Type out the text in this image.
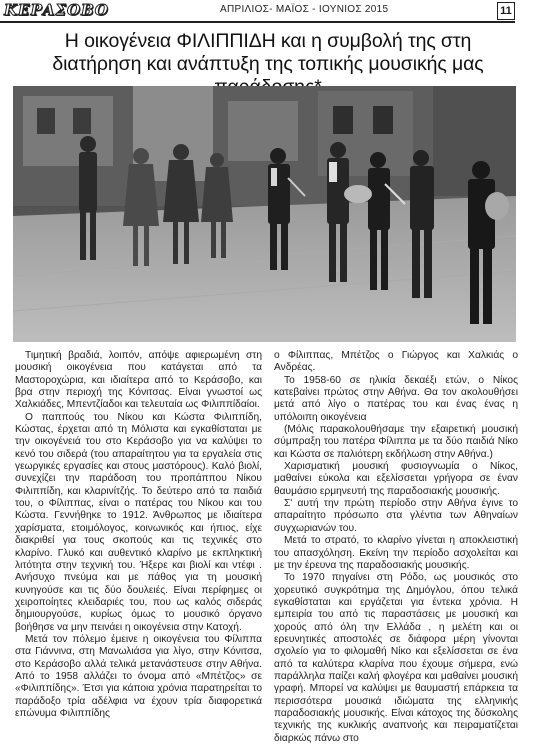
ΚΕΡΑΣΟΒΟ	ΑΠΡΙΛΙΟΣ- ΜΑΪΟΣ - ΙΟΥΝΙΟΣ 2015	11
Η οικογένεια ΦΙΛΙΠΠΙΔΗ και η συμβολή της στη διατήρηση και ανάπτυξη της τοπικής μουσικής μας

Τιμητική βραδιά, λοιπόν, απόψε αφιερωμένη στη μουσική οικογένεια που κατάγεται από τα Μαστοροχώρια, και ιδιαίτερα από το Κεράσοβο, και βρα στην περιοχή της Κόνιτσας. Είναι γνωστοί ως Χαλκιάδες, Μπεντζίαδοι και τελευταία ως Φιλιππίδαίοι.

Ο παππούς του Νίκου και Κώστα Φιλιππίδη, Κώστας, έρχεται από τη Μόλιστα και εγκαθίσταται με την οικογένειά του στο Κεράσοβο για να καλύψει το κενό του σιδερά (του απαραίτητου για τα εργαλεία στις γεωργικές εργασίες και στους μαστόρους). Καλό βιολί, συνεχίζει την παράδοση του προπάππου Νίκου Φιλιππίδη, και κλαρινίτζής. Το δεύτερο από τα παιδιά του, ο Φίλιππας, είναι ο πατέρας του Νίκου και του Κώστα. Γεννήθηκε το 1912. Άνθρωπος με ιδιαίτερα χαρίσματα, ετοιμόλογος, κοινωνικός και ήπιος, είχε διακριθεί για τους σκοπούς και τις τεχνικές στο κλαρίνο. Γλυκό και αυθεντικό κλαρίνο με εκπληκτική λιτότητα στην τεχνική του. Ήξερε και βιολί και ντέφι . Ανήσυχο πνεύμα και με πάθος για τη μουσική κυνηγούσε και τις δύο δουλειές. Είναι περίφημες οι χειροποίητες κλειδαριές του, που ως καλός σιδεράς δημιουργούσε, κυρίως όμως το μουσικό όργανο βοήθησε να μην πεινάει η οικογένεια στην Κατοχή.

Μετά τον πόλεμο έμεινε η οικογένεια του Φίλιππα στα Γιάννινα, στη Μανωλιάσα για λίγο, στην Κόνιτσα, στο Κεράσοβο αλλά τελικά μετανάστευσε στην Αθήνα. Από το 1958 αλλάζει το όνομα από «Μπέτζος» σε «Φιλιππίδης». Έτσι για κάποια χρόνια παρατηρείται το παράδοξο τρία αδέλφια να έχουν τρία διαφορετικά επώνυμα Φιλιππίδης

ο Φίλιππας, Μπέτζος ο Γιώργος και Χαλκιάς ο Ανδρέας.

Το 1958-60 σε ηλικία δεκαέξι ετών, ο Νίκος κατεβαίνει πρώτος στην Αθήνα. Θα τον ακολουθήσει μετά από λίγο ο πατέρας του και ένας ένας η υπόλοιπη οικογένεια

(Μόλις παρακολουθήσαμε την εξαιρετική μουσική σύμπραξη του πατέρα Φίλιππα με τα δύο παιδιά Νίκο και Κώστα σε παλιότερη εκδήλωση στην Αθήνα.)

Χαρισματική μουσική φυσιογνωμία ο Νίκος, μαθαίνει εύκολα και εξελίσσεται γρήγορα σε έναν θαυμάσιο ερμηνευτή της παραδοσιακής μουσικής.

Σ' αυτή την πρώτη περίοδο στην Αθήνα έγινε το απαραίτητο πρόσωπο στα γλέντια των Αθηναίων συγχωριανών του.

Μετά το στρατό, το κλαρίνο γίνεται η αποκλειστική του απασχόληση. Εκείνη την περίοδο ασχολείται και με την έρευνα της παραδοσιακής μουσικής.

Το 1970 πηγαίνει στη Ρόδο, ως μουσικός στο χορευτικό συγκρότημα της Δημόγλου, όπου τελικά εγκαθίσταται και εργάζεται για έντεκα χρόνια. Η εμπειρία του από τις παραστάσεις με μουσική και χορούς από όλη την Ελλάδα , η μελέτη και οι ερευνητικές αποστολές σε διάφορα μέρη γίνονται σχολείο για το φιλομαθή Νίκο και εξελίσσεται σε ένα από τα καλύτερα κλαρίνα που έχουμε σήμερα, ενώ παράλληλα παίζει καλή φλογέρα και μαθαίνει μουσική γραφή. Μπορεί να καλύψει με θαυμαστή επάρκεια τα περισσότερα μουσικά ιδιώματα της ελληνικής παραδοσιακής μουσικής. Είναι κάτοχος της δύσκολης τεχνικής της κυκλικής αναπνοής και πειραματίζεται διαρκώς πάνω στο
